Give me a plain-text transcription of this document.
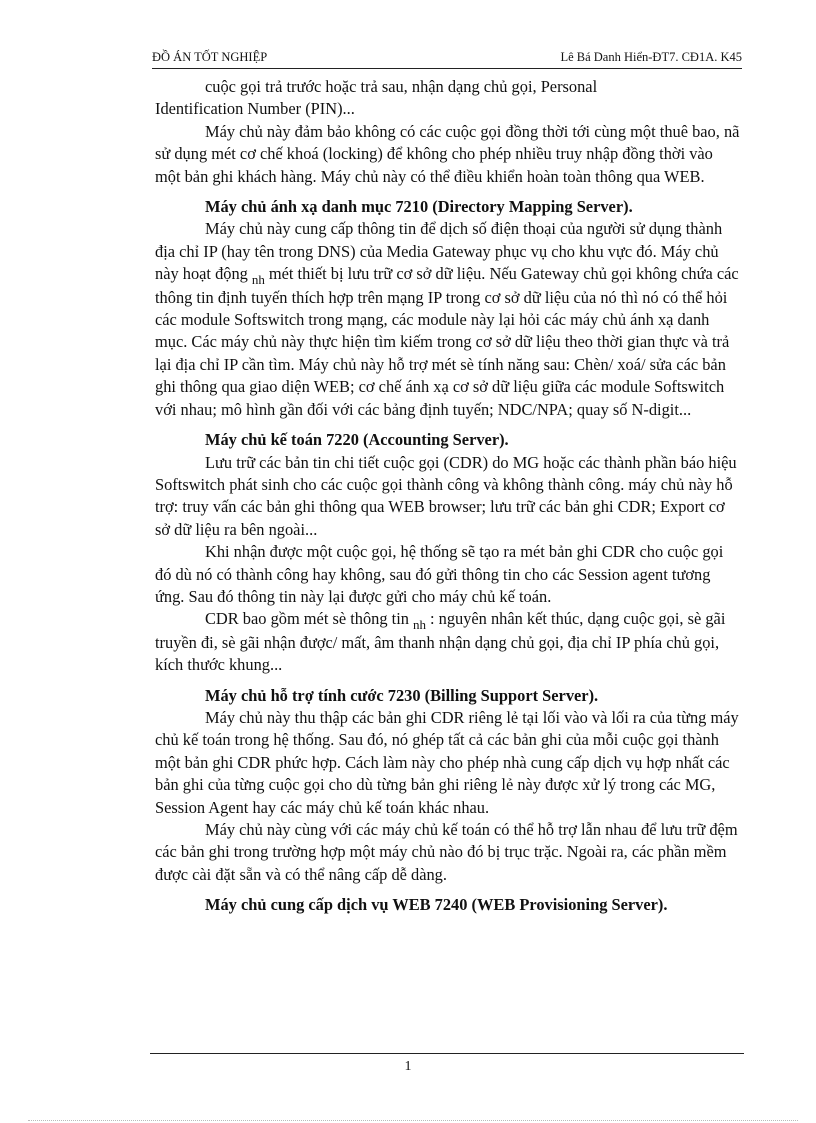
ĐỒ ÁN TỐT NGHIỆP	Lê Bá Danh Hiển-ĐT7. CĐ1A. K45

cuộc gọi trả trước hoặc trả sau, nhận dạng chủ gọi, Personal

Identification Number (PIN)...

Máy chủ này đảm bảo không có các cuộc gọi đồng thời tới cùng một thuê bao, nã sử dụng mét cơ chế khoá (locking) để không cho phép nhiều truy nhập đồng thời vào một bản ghi khách hàng. Máy chủ này có thể điều khiển hoàn toàn thông qua WEB.

Máy chủ ánh xạ danh mục 7210 (Directory Mapping Server).

Máy chủ này cung cấp thông tin để dịch số điện thoại của người sử dụng thành địa chỉ IP (hay tên trong DNS) của Media Gateway phục vụ cho khu vực đó. Máy chủ này hoạt động $_{nh}$ mét thiết bị lưu trữ cơ sở dữ liệu. Nếu Gateway chủ gọi không chứa các thông tin định tuyến thích hợp trên mạng IP trong cơ sở dữ liệu của nó thì nó có thể hỏi các module Softswitch trong mạng, các module này lại hỏi các máy chủ ánh xạ danh mục. Các máy chủ này thực hiện tìm kiếm trong cơ sở dữ liệu theo thời gian thực và trả lại địa chỉ IP cần tìm. Máy chủ này hỗ trợ mét sè tính năng sau: Chèn/ xoá/ sửa các bản ghi thông qua giao diện WEB; cơ chế ánh xạ cơ sở dữ liệu giữa các module Softswitch với nhau; mô hình gần đối với các bảng định tuyến; NDC/NPA; quay số N-digit...

Máy chủ kế toán 7220 (Accounting Server).

Lưu trữ các bản tin chi tiết cuộc gọi (CDR) do MG hoặc các thành phần báo hiệu Softswitch phát sinh cho các cuộc gọi thành công và không thành công. máy chủ này hỗ trợ: truy vấn các bản ghi thông qua WEB browser; lưu trữ các bản ghi CDR; Export cơ sở dữ liệu ra bên ngoài...

Khi nhận được một cuộc gọi, hệ thống sẽ tạo ra mét bản ghi CDR cho cuộc gọi đó dù nó có thành công hay không, sau đó gửi thông tin cho các Session agent tương ứng. Sau đó thông tin này lại được gửi cho máy chủ kế toán.

CDR bao gồm mét sè thông tin $_{nh}$ : nguyên nhân kết thúc, dạng cuộc gọi, sè gãi truyền đi, sè gãi nhận được/ mất, âm thanh nhận dạng chủ gọi, địa chỉ IP phía chủ gọi, kích thước khung...

Máy chủ hỗ trợ tính cước 7230 (Billing Support Server).

Máy chủ này thu thập các bản ghi CDR riêng lẻ tại lối vào và lối ra của từng máy chủ kế toán trong hệ thống. Sau đó, nó ghép tất cả các bản ghi của mỗi cuộc gọi thành một bản ghi CDR phức hợp. Cách làm này cho phép nhà cung cấp dịch vụ hợp nhất các bản ghi của từng cuộc gọi cho dù từng bản ghi riêng lẻ này được xử lý trong các MG, Session Agent hay các máy chủ kế toán khác nhau.

Máy chủ này cùng với các máy chủ kế toán có thể hỗ trợ lẫn nhau để lưu trữ đệm các bản ghi trong trường hợp một máy chủ nào đó bị trục trặc. Ngoài ra, các phần mềm được cài đặt sẵn và có thể nâng cấp dễ dàng.

Máy chủ cung cấp dịch vụ WEB 7240 (WEB Provisioning Server).

1
